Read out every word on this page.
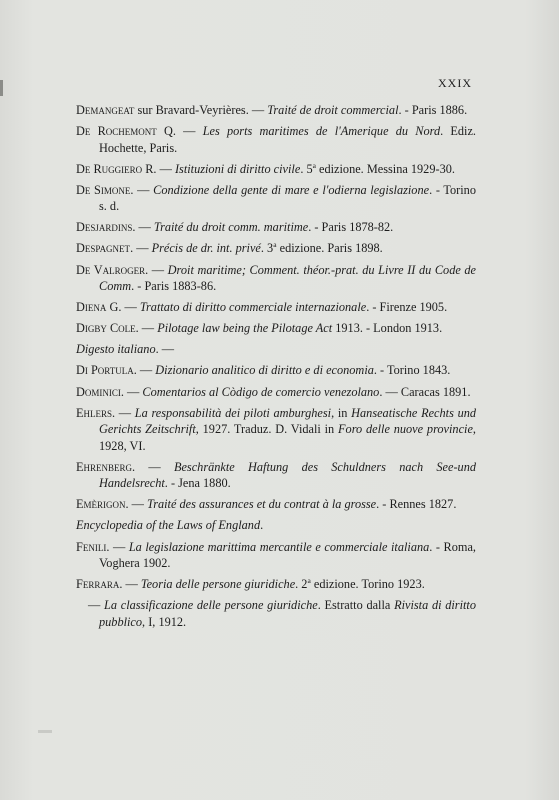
XXIX
Demangeat sur Bravard-Veyrières. — Traité de droit commercial. - Paris 1886.
De Rochemont Q. — Les ports maritimes de l'Amerique du Nord. Ediz. Hochette, Paris.
De Ruggiero R. — Istituzioni di diritto civile. 5$^a$ edizione. Messina 1929-30.
De Simone. — Condizione della gente di mare e l'odierna legislazione. - Torino s. d.
Desjardins. — Traité du droit comm. maritime. - Paris 1878-82.
Despagnet. — Précis de dr. int. privé. 3$^a$ edizione. Paris 1898.
De Valroger. — Droit maritime; Comment. théor.-prat. du Livre II du Code de Comm. - Paris 1883-86.
Diena G. — Trattato di diritto commerciale internazionale. - Firenze 1905.
Digby Cole. — Pilotage law being the Pilotage Act 1913. - London 1913.
Digesto italiano. —
Di Portula. — Dizionario analitico di diritto e di economia. - Torino 1843.
Dominici. — Comentarios al Còdigo de comercio venezolano. — Caracas 1891.
Ehlers. — La responsabilità dei piloti amburghesi, in Hanseatische Rechts und Gerichts Zeitschrift, 1927. Traduz. D. Vidali in Foro delle nuove provincie, 1928, VI.
Ehrenberg. — Beschränkte Haftung des Schuldners nach See-und Handelsrecht. - Jena 1880.
Emèrigon. — Traité des assurances et du contrat à la grosse. - Rennes 1827.
Encyclopedia of the Laws of England.
Fenili. — La legislazione marittima mercantile e commerciale italiana. - Roma, Voghera 1902.
Ferrara. — Teoria delle persone giuridiche. 2$^a$ edizione. Torino 1923.
— La classificazione delle persone giuridiche. Estratto dalla Rivista di diritto pubblico, I, 1912.
